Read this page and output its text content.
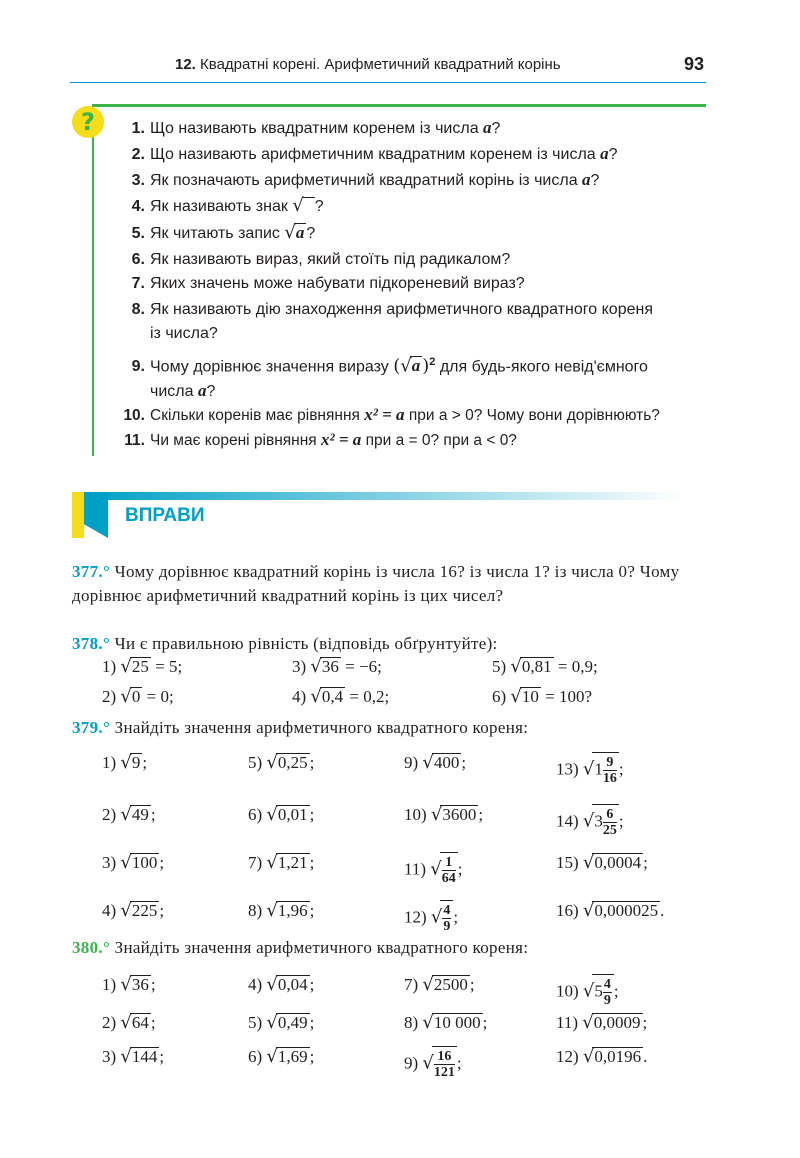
12. Квадратні корені. Арифметичний квадратний корінь	93
?	1. Що називають квадратним коренем із числа a?
2. Що називають арифметичним квадратним коренем із числа a?
3. Як позначають арифметичний квадратний корінь із числа a?
4. Як називають знак √ ?
5. Як читають запис √a ?
6. Як називають вираз, який стоїть під радикалом?
7. Яких значень може набувати підкореневий вираз?
8. Як називають дію знаходження арифметичного квадратного кореня
із числа?
9. Чому дорівнює значення виразу (√a )$^2$ для будь-якого невід'ємного
числа a?
10. Скільки коренів має рівняння x² = a при a > 0? Чому вони дорівнюють?
11. Чи має корені рівняння x² = a при a = 0? при a < 0?
ВПРАВИ
377.° Чому дорівнює квадратний корінь із числа 16? із числа 1? із числа 0? Чому дорівнює арифметичний квадратний корінь із цих чисел?
378.° Чи є правильною рівність (відповідь обґрунтуйте):
1) √25 = 5;	3) √36 = −6;	5) √0,81 = 0,9;
2) √0 = 0;	4) √0,4 = 0,2;	6) √10 = 100?
379.° Знайдіть значення арифметичного квадратного кореня:
1) √9 ;	5) √0,25 ;	9) √400 ;	13) $√1 \frac{9}{16}$ ;
2) √49 ;	6) √0,01 ;	10) √3600 ;	14) $√3 \frac{6}{25}$ ;
3) √100 ;	7) √1,21 ;	11) √ $\frac{1}{64}$ ;	15) √0,0004 ;
4) √225 ;	8) √1,96 ;	12) √ $\frac{4}{9}$ ;	16) √0,000025 .
380.° Знайдіть значення арифметичного квадратного кореня:
1) √36 ;	4) √0,04 ;	7) √2500 ;	10) $√5 \frac{4}{9}$ ;
2) √64 ;	5) √0,49 ;	8) √10 000 ;	11) √0,0009 ;
3) √144 ;	6) √1,69 ;	9) √ $\frac{16}{121}$ ;	12) √0,0196 .
